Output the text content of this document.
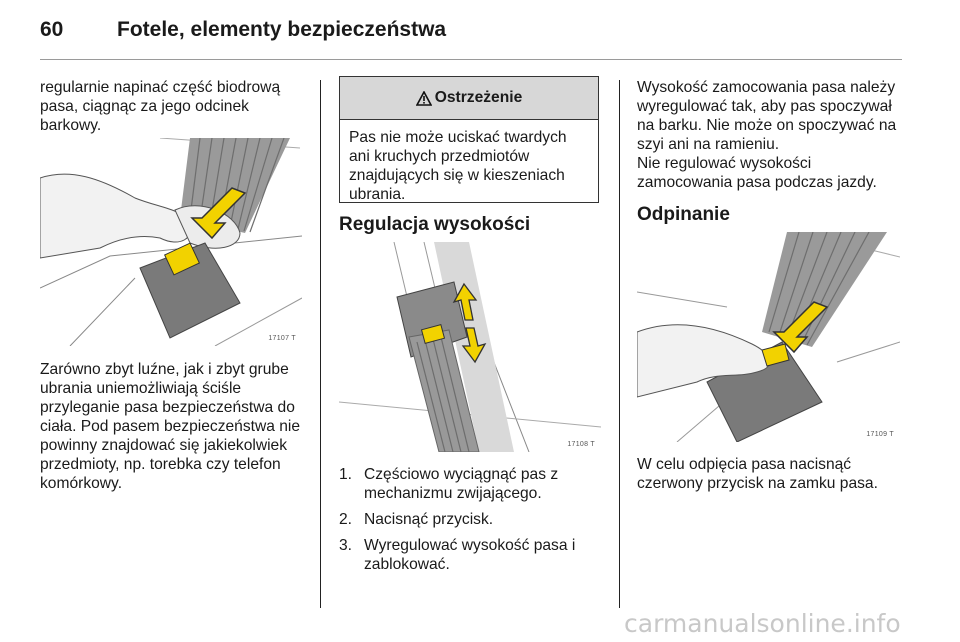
60	Fotele, elementy bezpieczeństwa

regularnie napinać część biodrową pasa, ciągnąc za jego odcinek barkowy.

17107 T

Zarówno zbyt luźne, jak i zbyt grube ubrania uniemożliwiają ściśle przyleganie pasa bezpieczeństwa do ciała. Pod pasem bezpieczeństwa nie powinny znajdować się jakiekolwiek przedmioty, np. torebka czy telefon komórkowy.

Ostrzeżenie
Pas nie może uciskać twardych ani kruchych przedmiotów znajdujących się w kieszeniach ubrania.
Regulacja wysokości
17108 T
1. Częściowo wyciągnąć pas z mechanizmu zwijającego.
2. Nacisnąć przycisk.
3. Wyregulować wysokość pasa i zablokować.

Wysokość zamocowania pasa należy wyregulować tak, aby pas spoczywał na barku. Nie może on spoczywać na szyi ani na ramieniu.

Nie regulować wysokości zamocowania pasa podczas jazdy.

Odpinanie
17109 T

W celu odpięcia pasa nacisnąć czerwony przycisk na zamku pasa.

carmanualsonline.info
